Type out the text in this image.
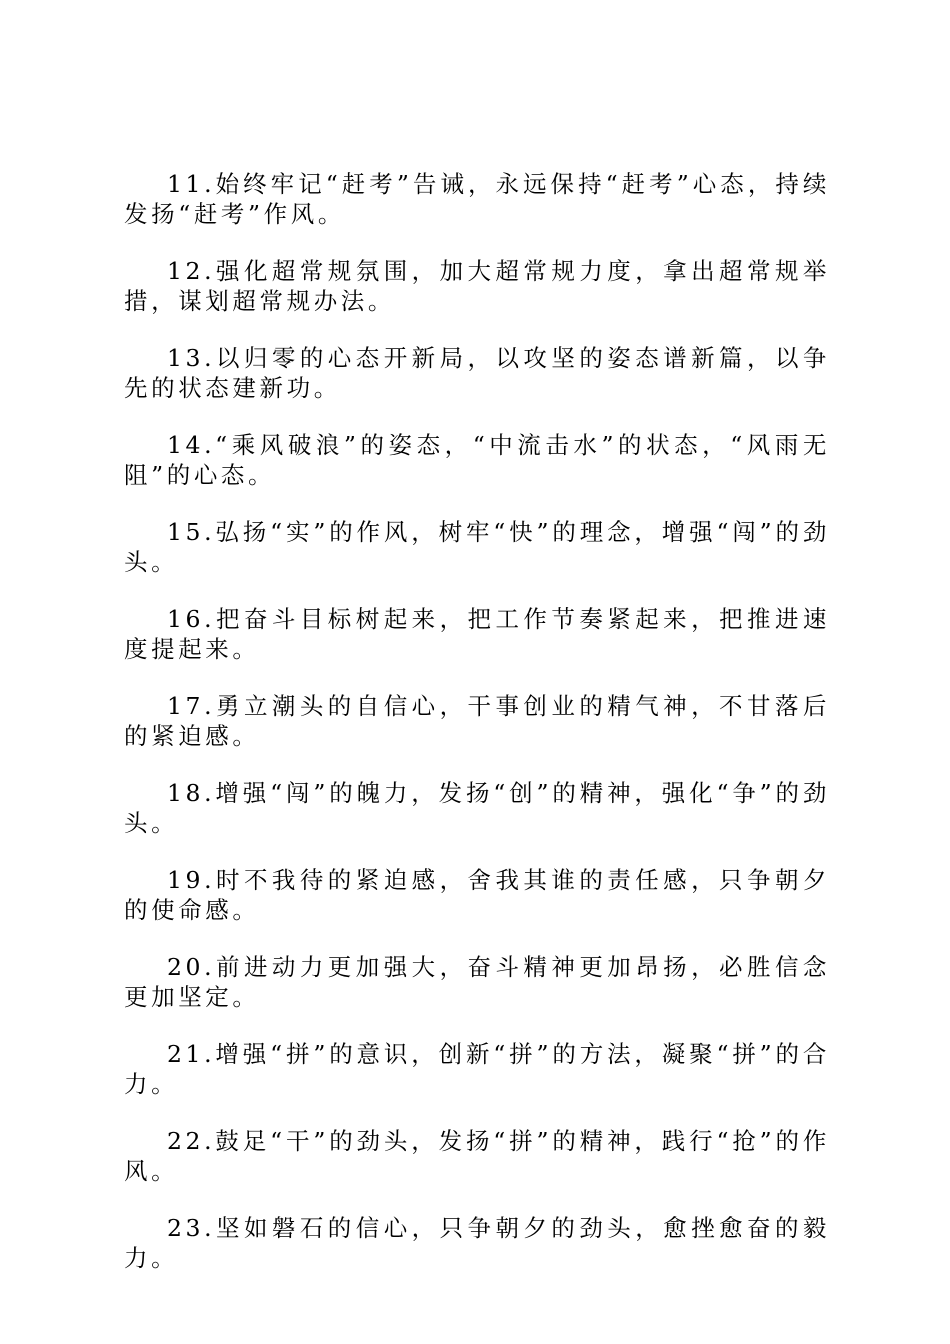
11.始终牢记“赶考”告诫，永远保持“赶考”心态，持续发扬“赶考”作风。

12.强化超常规氛围，加大超常规力度，拿出超常规举措，谋划超常规办法。

13.以归零的心态开新局，以攻坚的姿态谱新篇，以争先的状态建新功。

14.“乘风破浪”的姿态，“中流击水”的状态，“风雨无阻”的心态。

15.弘扬“实”的作风，树牢“快”的理念，增强“闯”的劲头。

16.把奋斗目标树起来，把工作节奏紧起来，把推进速度提起来。

17.勇立潮头的自信心，干事创业的精气神，不甘落后的紧迫感。

18.增强“闯”的魄力，发扬“创”的精神，强化“争”的劲头。

19.时不我待的紧迫感，舍我其谁的责任感，只争朝夕的使命感。

20.前进动力更加强大，奋斗精神更加昂扬，必胜信念更加坚定。

21.增强“拼”的意识，创新“拼”的方法，凝聚“拼”的合力。

22.鼓足“干”的劲头，发扬“拼”的精神，践行“抢”的作风。

23.坚如磐石的信心，只争朝夕的劲头，愈挫愈奋的毅力。
